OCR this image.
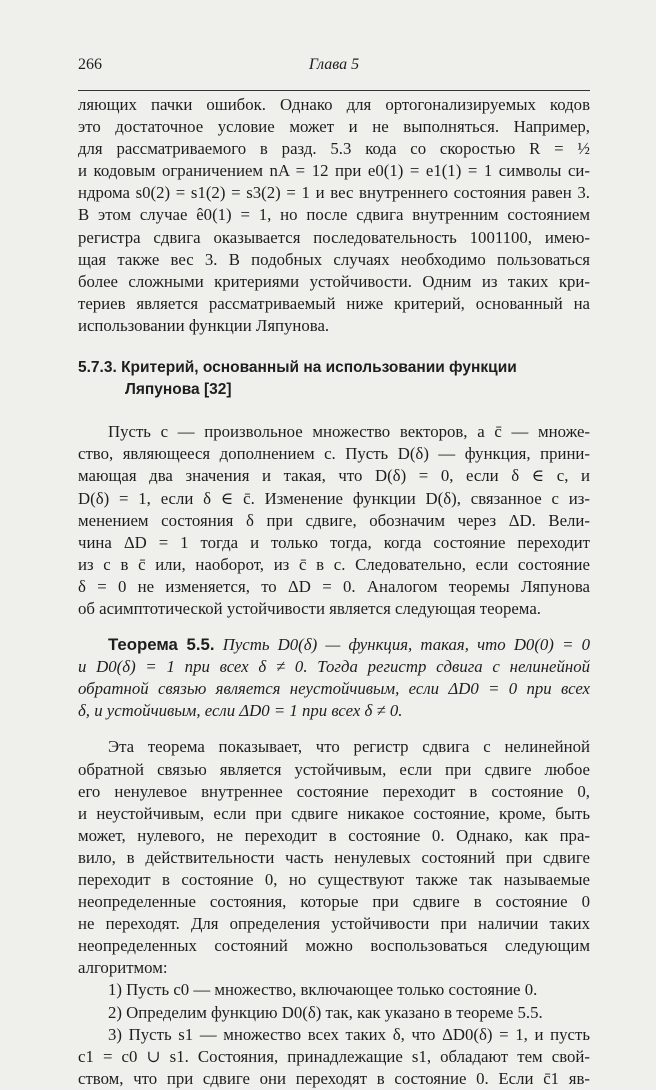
266	Глава 5
ляющих пачки ошибок. Однако для ортогонализируемых кодов
это достаточное условие может и не выполняться. Например,
для рассматриваемого в разд. 5.3 кода со скоростью R = ½
и кодовым ограничением nA = 12 при e0(1) = e1(1) = 1 символы си-
ндрома s0(2) = s1(2) = s3(2) = 1 и вес внутреннего состояния равен 3.
В этом случае ê0(1) = 1, но после сдвига внутренним состоянием
регистра сдвига оказывается последовательность 1001100, имею-
щая также вес 3. В подобных случаях необходимо пользоваться
более сложными критериями устойчивости. Одним из таких кри-
териев является рассматриваемый ниже критерий, основанный на
использовании функции Ляпунова.
5.7.3. Критерий, основанный на использовании функции
Ляпунова [32]
Пусть c — произвольное множество векторов, а c̄ — множе-
ство, являющееся дополнением c. Пусть D(δ) — функция, прини-
мающая два значения и такая, что D(δ) = 0, если δ ∈ c, и
D(δ) = 1, если δ ∈ c̄. Изменение функции D(δ), связанное с из-
менением состояния δ при сдвиге, обозначим через ΔD. Вели-
чина ΔD = 1 тогда и только тогда, когда состояние переходит
из c в c̄ или, наоборот, из c̄ в c. Следовательно, если состояние
δ = 0 не изменяется, то ΔD = 0. Аналогом теоремы Ляпунова
об асимптотической устойчивости является следующая теорема.
Теорема 5.5. Пусть D0(δ) — функция, такая, что D0(0) = 0
и D0(δ) = 1 при всех δ ≠ 0. Тогда регистр сдвига с нелинейной
обратной связью является неустойчивым, если ΔD0 = 0 при всех
δ, и устойчивым, если ΔD0 = 1 при всех δ ≠ 0.
Эта теорема показывает, что регистр сдвига с нелинейной
обратной связью является устойчивым, если при сдвиге любое
его ненулевое внутреннее состояние переходит в состояние 0,
и неустойчивым, если при сдвиге никакое состояние, кроме, быть
может, нулевого, не переходит в состояние 0. Однако, как пра-
вило, в действительности часть ненулевых состояний при сдвиге
переходит в состояние 0, но существуют также так называемые
неопределенные состояния, которые при сдвиге в состояние 0
не переходят. Для определения устойчивости при наличии таких
неопределенных состояний можно воспользоваться следующим
алгоритмом:
1) Пусть c0 — множество, включающее только состояние 0.
2) Определим функцию D0(δ) так, как указано в теореме 5.5.
3) Пусть s1 — множество всех таких δ, что ΔD0(δ) = 1, и пусть
c1 = c0 ∪ s1. Состояния, принадлежащие s1, обладают тем свой-
ством, что при сдвиге они переходят в состояние 0. Если c̄1 яв-
